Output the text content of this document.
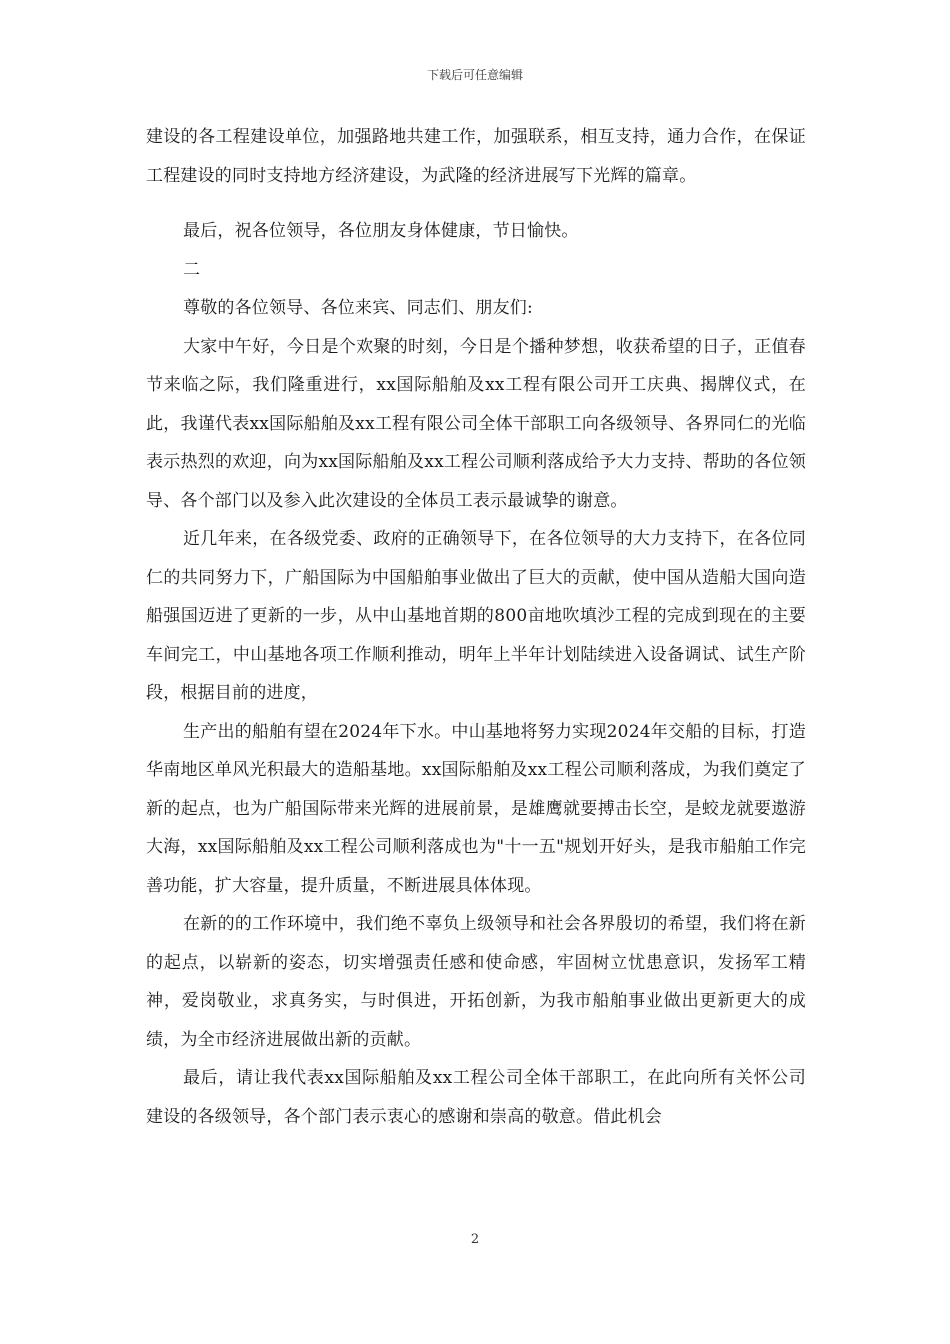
下载后可任意编辑

建设的各工程建设单位，加强路地共建工作，加强联系，相互支持，通力合作，在保证工程建设的同时支持地方经济建设，为武隆的经济进展写下光辉的篇章。

最后，祝各位领导，各位朋友身体健康，节日愉快。

二

尊敬的各位领导、各位来宾、同志们、朋友们:

大家中午好，今日是个欢聚的时刻，今日是个播种梦想，收获希望的日子，正值春节来临之际，我们隆重进行，xx国际船舶及xx工程有限公司开工庆典、揭牌仪式，在此，我谨代表xx国际船舶及xx工程有限公司全体干部职工向各级领导、各界同仁的光临表示热烈的欢迎，向为xx国际船舶及xx工程公司顺利落成给予大力支持、帮助的各位领导、各个部门以及参入此次建设的全体员工表示最诚挚的谢意。

近几年来，在各级党委、政府的正确领导下，在各位领导的大力支持下，在各位同仁的共同努力下，广船国际为中国船舶事业做出了巨大的贡献，使中国从造船大国向造船强国迈进了更新的一步，从中山基地首期的800亩地吹填沙工程的完成到现在的主要车间完工，中山基地各项工作顺利推动，明年上半年计划陆续进入设备调试、试生产阶段，根据目前的进度，

生产出的船舶有望在2024年下水。中山基地将努力实现2024年交船的目标，打造华南地区单风光积最大的造船基地。xx国际船舶及xx工程公司顺利落成，为我们奠定了新的起点，也为广船国际带来光辉的进展前景，是雄鹰就要搏击长空，是蛟龙就要遨游大海，xx国际船舶及xx工程公司顺利落成也为"十一五"规划开好头，是我市船舶工作完善功能，扩大容量，提升质量，不断进展具体体现。

在新的的工作环境中，我们绝不辜负上级领导和社会各界殷切的希望，我们将在新的起点，以崭新的姿态，切实增强责任感和使命感，牢固树立忧患意识，发扬军工精神，爱岗敬业，求真务实，与时俱进，开拓创新，为我市船舶事业做出更新更大的成绩，为全市经济进展做出新的贡献。

最后，请让我代表xx国际船舶及xx工程公司全体干部职工，在此向所有关怀公司建设的各级领导，各个部门表示衷心的感谢和崇高的敬意。借此机会

2
